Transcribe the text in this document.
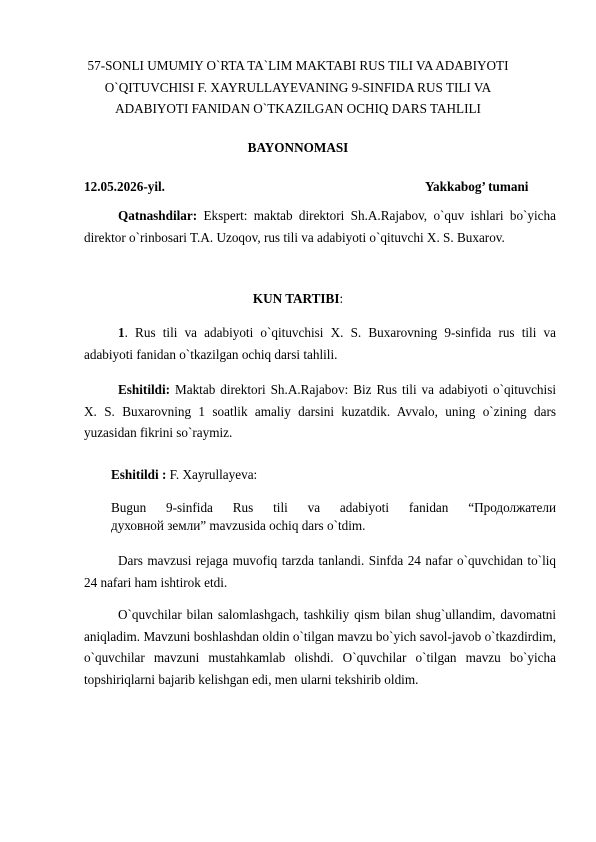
57-SONLI UMUMIY O`RTA TA`LIM MAKTABI RUS TILI VA ADABIYOTI O`QITUVCHISI F. XAYRULLAYEVANING 9-SINFIDA RUS TILI VA ADABIYOTI FANIDAN O`TKAZILGAN OCHIQ DARS TAHLILI
BAYONNOMASI
12.05.2026-yil.	Yakkabog’ tumani
Qatnashdilar: Ekspert: maktab direktori Sh.A.Rajabov, o`quv ishlari bo`yicha direktor o`rinbosari T.A. Uzoqov, rus tili va adabiyoti o`qituvchi X. S. Buxarov.
KUN TARTIBI:
1. Rus tili va adabiyoti o`qituvchisi X. S. Buxarovning 9-sinfida rus tili va adabiyoti fanidan o`tkazilgan ochiq darsi tahlili.
Eshitildi: Maktab direktori Sh.A.Rajabov: Biz Rus tili va adabiyoti o`qituvchisi X. S. Buxarovning 1 soatlik amaliy darsini kuzatdik. Avvalo, uning o`zining dars yuzasidan fikrini so`raymiz.
Eshitildi : F. Xayrullayeva:
Bugun 9-sinfida Rus tili va adabiyoti fanidan “Продолжатели
духовной земли” mavzusida ochiq dars o`tdim.
Dars mavzusi rejaga muvofiq tarzda tanlandi. Sinfda 24 nafar o`quvchidan to`liq 24 nafari ham ishtirok etdi.
O`quvchilar bilan salomlashgach, tashkiliy qism bilan shug`ullandim, davomatni aniqladim. Mavzuni boshlashdan oldin o`tilgan mavzu bo`yich savol-javob o`tkazdirdim, o`quvchilar mavzuni mustahkamlab olishdi. O`quvchilar o`tilgan mavzu bo`yicha topshiriqlarni bajarib kelishgan edi, men ularni tekshirib oldim.
